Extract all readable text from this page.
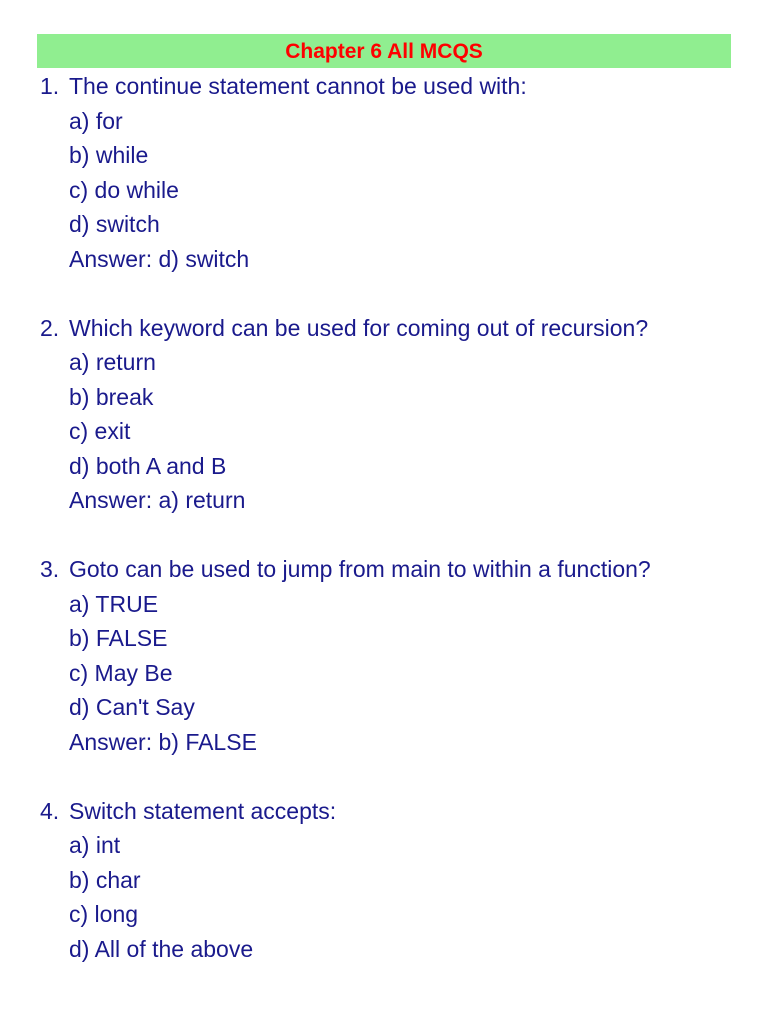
Chapter 6 All MCQS
1. The continue statement cannot be used with:
a) for
b) while
c) do while
d) switch
Answer: d) switch
2. Which keyword can be used for coming out of recursion?
a) return
b) break
c) exit
d) both A and B
Answer: a) return
3. Goto can be used to jump from main to within a function?
a) TRUE
b) FALSE
c) May Be
d) Can't Say
Answer: b) FALSE
4. Switch statement accepts:
a) int
b) char
c) long
d) All of the above
